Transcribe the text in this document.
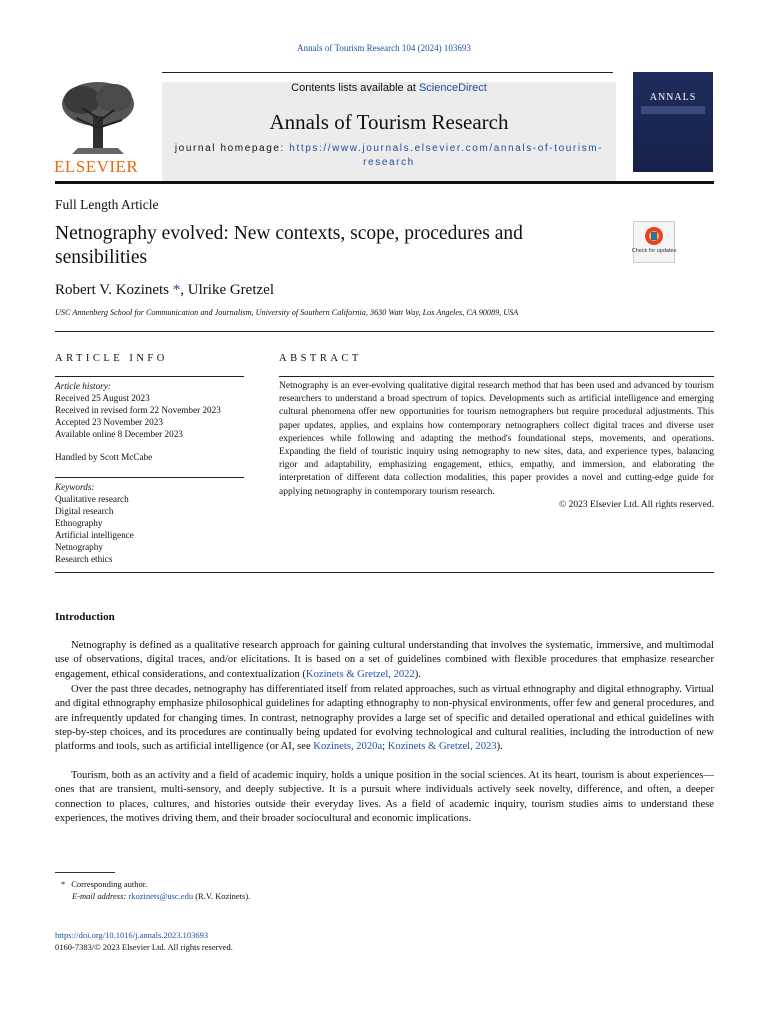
Annals of Tourism Research 104 (2024) 103693
ELSEVIER
Contents lists available at ScienceDirect
Annals of Tourism Research
journal homepage: https://www.journals.elsevier.com/annals-of-tourism-research
ANNALS
Full Length Article
Netnography evolved: New contexts, scope, procedures and sensibilities	Check for updates
Robert V. Kozinets *, Ulrike Gretzel
USC Annenberg School for Communication and Journalism, University of Southern California, 3630 Watt Way, Los Angeles, CA 90089, USA
ARTICLE INFO
Article history:
Received 25 August 2023
Received in revised form 22 November 2023
Accepted 23 November 2023
Available online 8 December 2023
Handled by Scott McCabe
Keywords:
Qualitative research
Digital research
Ethnography
Artificial intelligence
Netnography
Research ethics
ABSTRACT

Netnography is an ever-evolving qualitative digital research method that has been used and advanced by tourism researchers to understand a broad spectrum of topics. Developments such as artificial intelligence and emerging cultural phenomena offer new opportunities for tourism netnographers but require procedural adjustments. This paper updates, applies, and explains how contemporary netnographers collect digital traces and diverse user experiences while following and adapting the method's foundational steps, movements, and operations. Expanding the field of touristic inquiry using netnography to new sites, data, and experience types, balancing rigor and adaptability, emphasizing engagement, ethics, empathy, and immersion, and elaborating the interpretation of different data collection modalities, this paper provides a novel and cutting-edge guide for applying netnography in contemporary tourism research.

© 2023 Elsevier Ltd. All rights reserved.
Introduction

Netnography is defined as a qualitative research approach for gaining cultural understanding that involves the systematic, immersive, and multimodal use of observations, digital traces, and/or elicitations. It is based on a set of guidelines combined with flexible procedures that emphasize researcher engagement, ethical considerations, and contextualization (Kozinets & Gretzel, 2022).

Over the past three decades, netnography has differentiated itself from related approaches, such as virtual ethnography and digital ethnography. Virtual and digital ethnography emphasize philosophical guidelines for adapting ethnography to non-physical environments, offer few and general procedures, and are infrequently updated for changing times. In contrast, netnography provides a large set of specific and detailed operational and ethical guidelines with step-by-step choices, and its procedures are continually being updated for evolving technological and cultural realities, including the introduction of new platforms and tools, such as artificial intelligence (or AI, see Kozinets, 2020a; Kozinets & Gretzel, 2023).

Tourism, both as an activity and a field of academic inquiry, holds a unique position in the social sciences. At its heart, tourism is about experiences—ones that are transient, multi-sensory, and deeply subjective. It is a pursuit where individuals actively seek novelty, difference, and often, a deeper connection to places, cultures, and histories outside their everyday lives. As a field of academic inquiry, tourism studies aims to understand these experiences, the motives driving them, and their broader sociocultural and economic implications.

* Corresponding author.
E-mail address: rkozinets@usc.edu (R.V. Kozinets).
https://doi.org/10.1016/j.annals.2023.103693
0160-7383/© 2023 Elsevier Ltd. All rights reserved.
